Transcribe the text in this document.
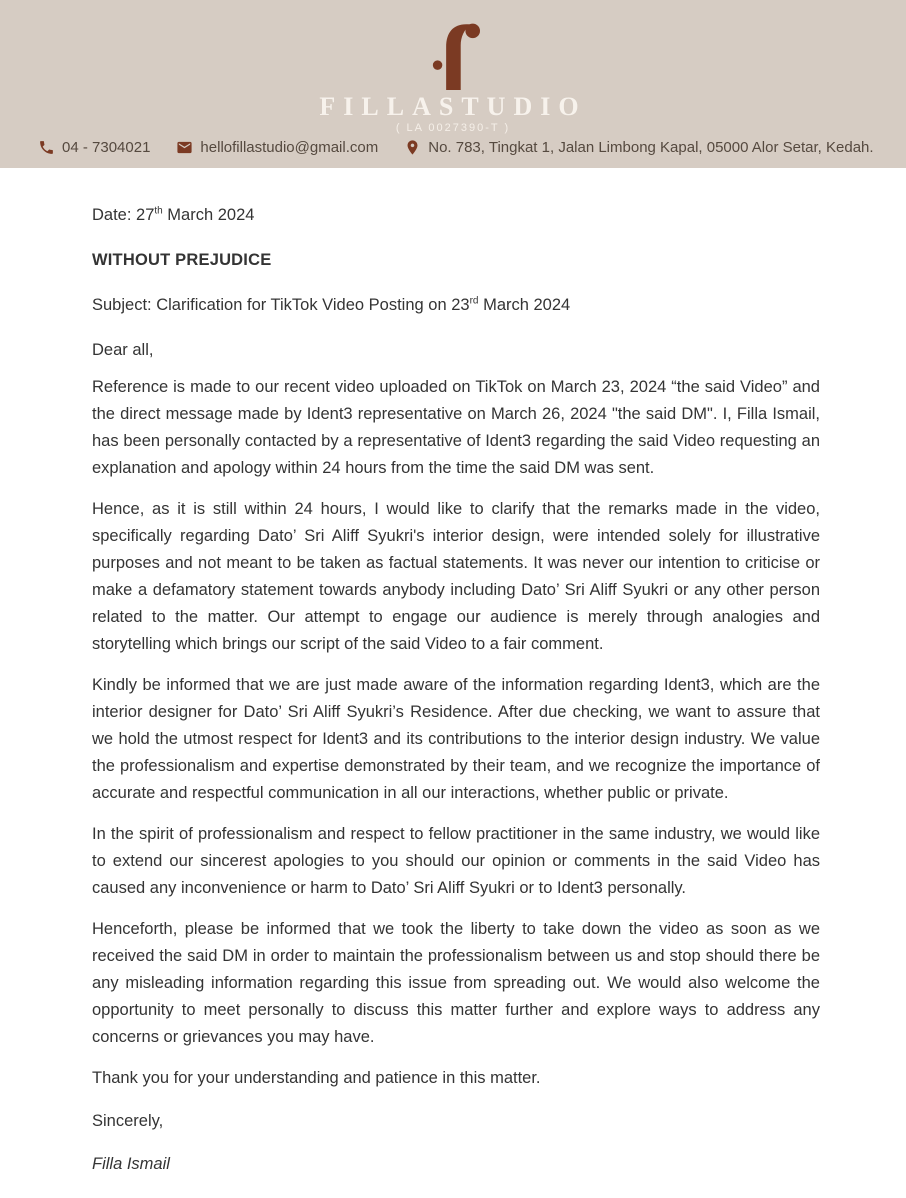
FILLASTUDIO
( LA 0027390-T )
04 - 7304021	hellofillastudio@gmail.com	No. 783, Tingkat 1, Jalan Limbong Kapal, 05000 Alor Setar, Kedah.
Date: 27th March 2024
WITHOUT PREJUDICE
Subject: Clarification for TikTok Video Posting on 23rd March 2024
Dear all,

Reference is made to our recent video uploaded on TikTok on March 23, 2024 “the said Video” and the direct message made by Ident3 representative on March 26, 2024 "the said DM". I, Filla Ismail, has been personally contacted by a representative of Ident3 regarding the said Video requesting an explanation and apology within 24 hours from the time the said DM was sent.

Hence, as it is still within 24 hours, I would like to clarify that the remarks made in the video, specifically regarding Dato’ Sri Aliff Syukri's interior design, were intended solely for illustrative purposes and not meant to be taken as factual statements. It was never our intention to criticise or make a defamatory statement towards anybody including Dato’ Sri Aliff Syukri or any other person related to the matter. Our attempt to engage our audience is merely through analogies and storytelling which brings our script of the said Video to a fair comment.

Kindly be informed that we are just made aware of the information regarding Ident3, which are the interior designer for Dato’ Sri Aliff Syukri’s Residence. After due checking, we want to assure that we hold the utmost respect for Ident3 and its contributions to the interior design industry. We value the professionalism and expertise demonstrated by their team, and we recognize the importance of accurate and respectful communication in all our interactions, whether public or private.

In the spirit of professionalism and respect to fellow practitioner in the same industry, we would like to extend our sincerest apologies to you should our opinion or comments in the said Video has caused any inconvenience or harm to Dato’ Sri Aliff Syukri or to Ident3 personally.

Henceforth, please be informed that we took the liberty to take down the video as soon as we received the said DM in order to maintain the professionalism between us and stop should there be any misleading information regarding this issue from spreading out. We would also welcome the opportunity to meet personally to discuss this matter further and explore ways to address any concerns or grievances you may have.

Thank you for your understanding and patience in this matter.
Sincerely,
Filla Ismail
